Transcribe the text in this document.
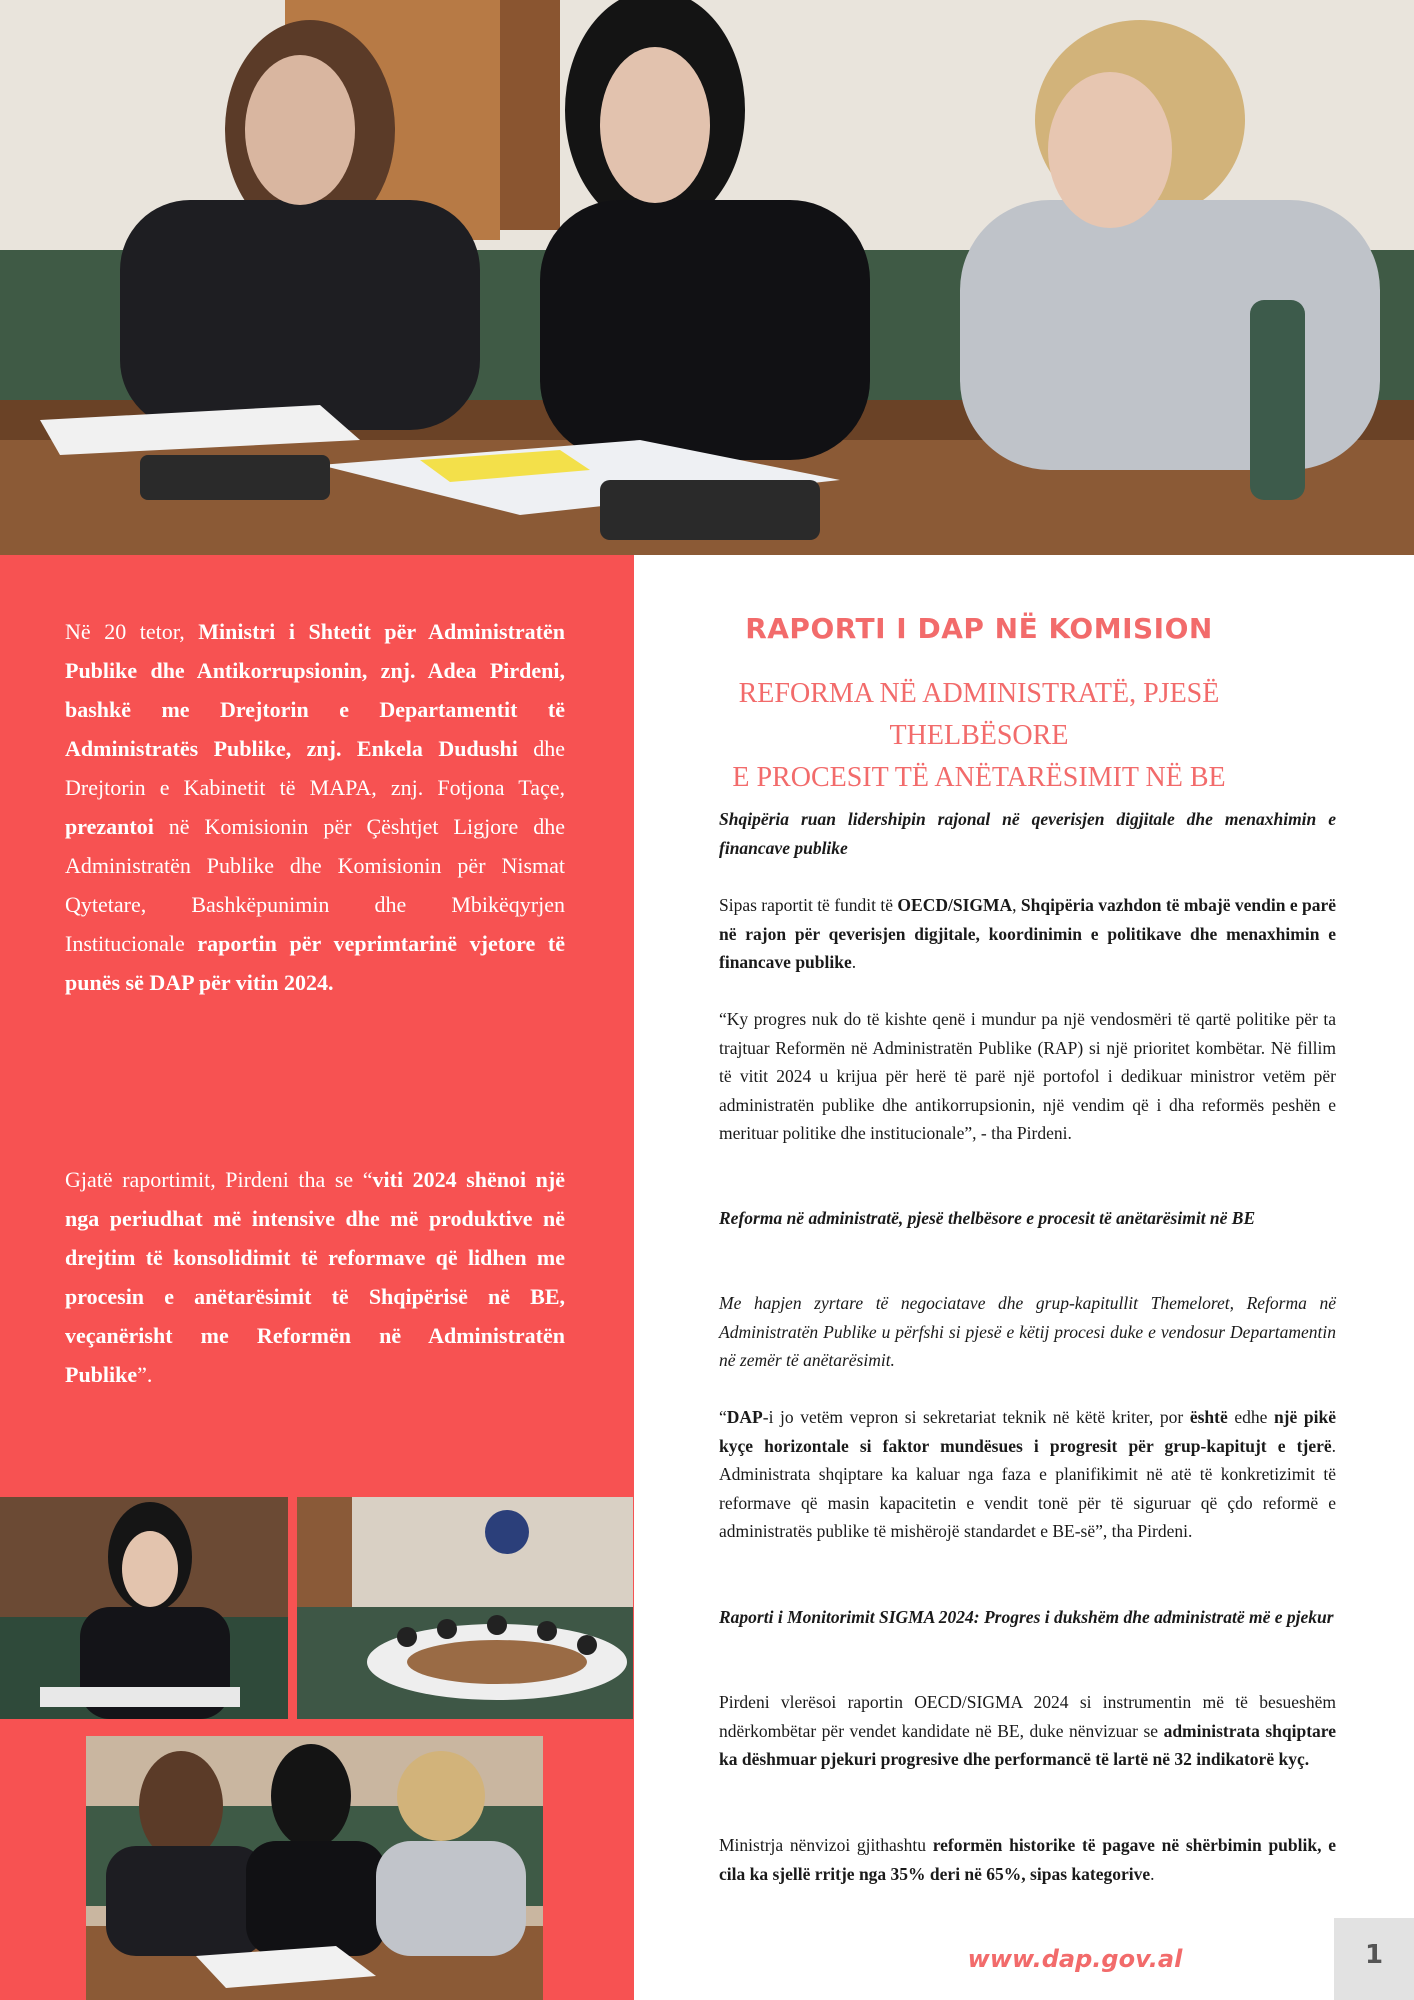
Në 20 tetor, Ministri i Shtetit për Administratën Publike dhe Antikorrupsionin, znj. Adea Pirdeni, bashkë me Drejtorin e Departamentit të Administratës Publike, znj. Enkela Dudushi dhe Drejtorin e Kabinetit të MAPA, znj. Fotjona Taçe, prezantoi në Komisionin për Çështjet Ligjore dhe Administratën Publike dhe Komisionin për Nismat Qytetare, Bashkëpunimin dhe Mbikëqyrjen Institucionale raportin për veprimtarinë vjetore të punës së DAP për vitin 2024.
Gjatë raportimit, Pirdeni tha se “viti 2024 shënoi një nga periudhat më intensive dhe më produktive në drejtim të konsolidimit të reformave që lidhen me procesin e anëtarësimit të Shqipërisë në BE, veçanërisht me Reformën në Administratën Publike”.
RAPORTI I DAP NË KOMISION
REFORMA NË ADMINISTRATË, PJESË THELBËSORE
E PROCESIT TË ANËTARËSIMIT NË BE
Shqipëria ruan lidershipin rajonal në qeverisjen digjitale dhe menaxhimin e financave publike
Sipas raportit të fundit të OECD/SIGMA, Shqipëria vazhdon të mbajë vendin e parë në rajon për qeverisjen digjitale, koordinimin e politikave dhe menaxhimin e financave publike.
“Ky progres nuk do të kishte qenë i mundur pa një vendosmëri të qartë politike për ta trajtuar Reformën në Administratën Publike (RAP) si një prioritet kombëtar. Në fillim të vitit 2024 u krijua për herë të parë një portofol i dedikuar ministror vetëm për administratën publike dhe antikorrupsionin, një vendim që i dha reformës peshën e merituar politike dhe institucionale”, - tha Pirdeni.
Reforma në administratë, pjesë thelbësore e procesit të anëtarësimit në BE
Me hapjen zyrtare të negociatave dhe grup-kapitullit Themeloret, Reforma në Administratën Publike u përfshi si pjesë e këtij procesi duke e vendosur Departamentin në zemër të anëtarësimit.
“DAP-i jo vetëm vepron si sekretariat teknik në këtë kriter, por është edhe një pikë kyçe horizontale si faktor mundësues i progresit për grup-kapitujt e tjerë. Administrata shqiptare ka kaluar nga faza e planifikimit në atë të konkretizimit të reformave që masin kapacitetin e vendit tonë për të siguruar që çdo reformë e administratës publike të mishërojë standardet e BE-së”, tha Pirdeni.
Raporti i Monitorimit SIGMA 2024: Progres i dukshëm dhe administratë më e pjekur
Pirdeni vlerësoi raportin OECD/SIGMA 2024 si instrumentin më të besueshëm ndërkombëtar për vendet kandidate në BE, duke nënvizuar se administrata shqiptare ka dëshmuar pjekuri progresive dhe performancë të lartë në 32 indikatorë kyç.
Ministrja nënvizoi gjithashtu reformën historike të pagave në shërbimin publik, e cila ka sjellë rritje nga 35% deri në 65%, sipas kategorive.
www.dap.gov.al	1
